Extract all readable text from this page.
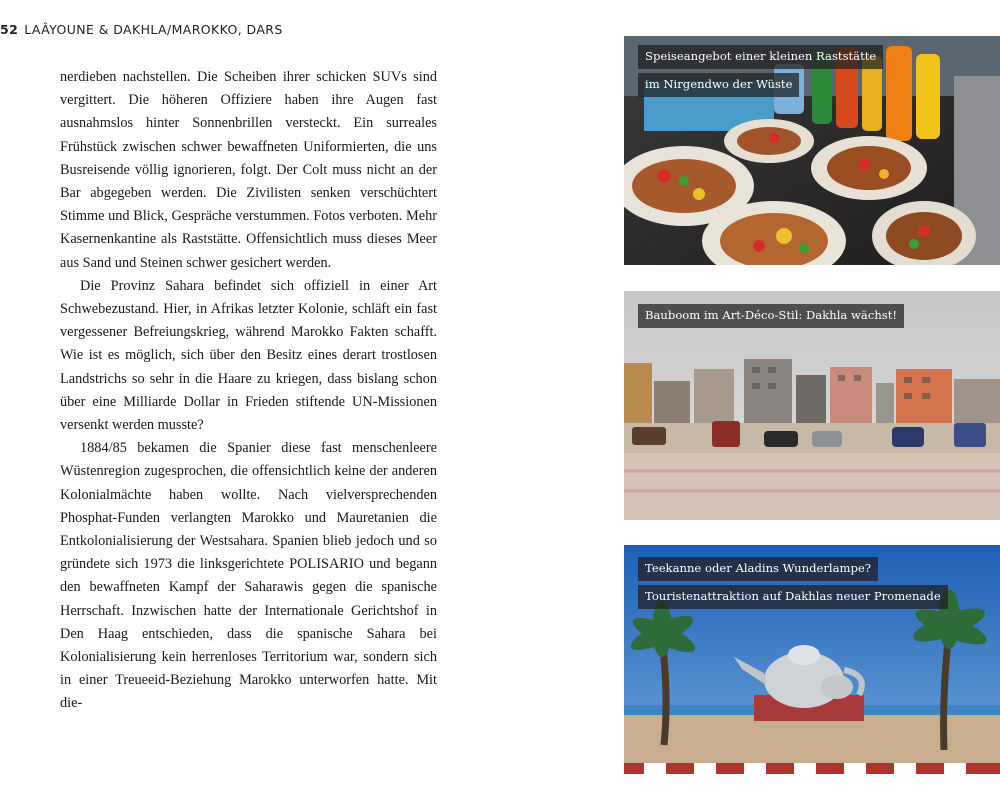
52 LAÂYOUNE & DAKHLA/MAROKKO, DARS

nerdieben nachstellen. Die Scheiben ihrer schicken SUVs sind vergittert. Die höheren Offiziere haben ihre Augen fast ausnahmslos hinter Sonnenbrillen versteckt. Ein surreales Frühstück zwischen schwer bewaffneten Uniformierten, die uns Busreisende völlig ignorieren, folgt. Der Colt muss nicht an der Bar abgegeben werden. Die Zivilisten senken verschüchtert Stimme und Blick, Gespräche verstummen. Fotos verboten. Mehr Kasernenkantine als Raststätte. Offensichtlich muss dieses Meer aus Sand und Steinen schwer gesichert werden.

Die Provinz Sahara befindet sich offiziell in einer Art Schwebezustand. Hier, in Afrikas letzter Kolonie, schläft ein fast vergessener Befreiungskrieg, während Marokko Fakten schafft. Wie ist es möglich, sich über den Besitz eines derart trostlosen Landstrichs so sehr in die Haare zu kriegen, dass bislang schon über eine Milliarde Dollar in Frieden stiftende UN-Missionen versenkt werden musste?

1884/85 bekamen die Spanier diese fast menschenleere Wüstenregion zugesprochen, die offensichtlich keine der anderen Kolonialmächte haben wollte. Nach vielversprechenden Phosphat-Funden verlangten Marokko und Mauretanien die Entkolonialisierung der Westsahara. Spanien blieb jedoch und so gründete sich 1973 die linksgerichtete POLISARIO und begann den bewaffneten Kampf der Saharawis gegen die spanische Herrschaft. Inzwischen hatte der Internationale Gerichtshof in Den Haag entschieden, dass die spanische Sahara bei Kolonialisierung kein herrenloses Territorium war, sondern sich in einer Treueeid-Beziehung Marokko unterworfen hatte. Mit die-

Speiseangebot einer kleinen Raststätte
im Nirgendwo der Wüste
Bauboom im Art-Déco-Stil: Dakhla wächst!
Teekanne oder Aladins Wunderlampe?
Touristenattraktion auf Dakhlas neuer Promenade
